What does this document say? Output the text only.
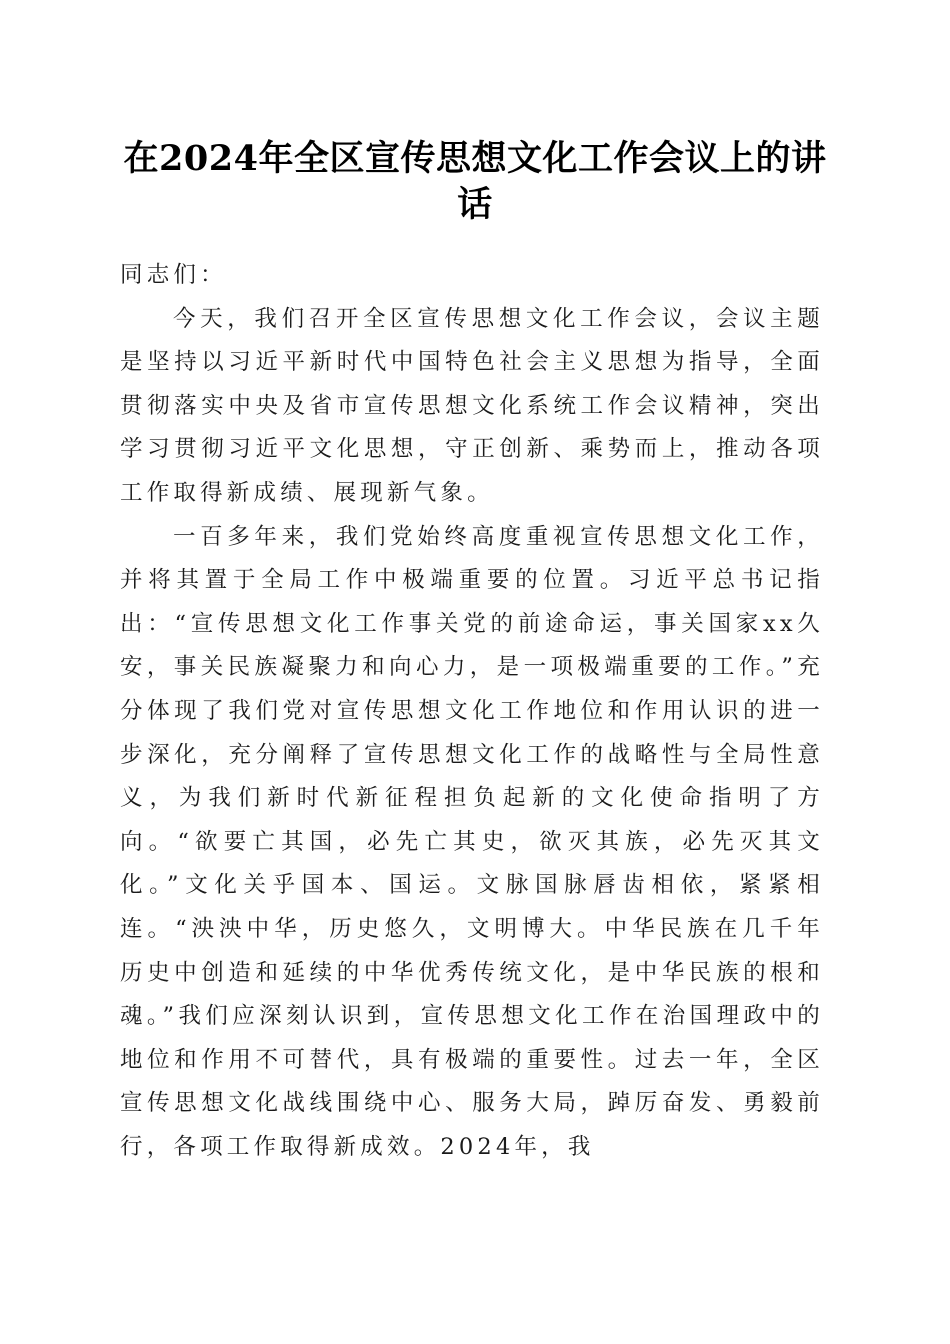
在2024年全区宣传思想文化工作会议上的讲话

同志们：

今天，我们召开全区宣传思想文化工作会议，会议主题是坚持以习近平新时代中国特色社会主义思想为指导，全面贯彻落实中央及省市宣传思想文化系统工作会议精神，突出学习贯彻习近平文化思想，守正创新、乘势而上，推动各项工作取得新成绩、展现新气象。

一百多年来，我们党始终高度重视宣传思想文化工作，并将其置于全局工作中极端重要的位置。习近平总书记指出：“宣传思想文化工作事关党的前途命运，事关国家xx久安，事关民族凝聚力和向心力，是一项极端重要的工作。”充分体现了我们党对宣传思想文化工作地位和作用认识的进一步深化，充分阐释了宣传思想文化工作的战略性与全局性意义，为我们新时代新征程担负起新的文化使命指明了方向。“欲要亡其国，必先亡其史，欲灭其族，必先灭其文化。”文化关乎国本、国运。文脉国脉唇齿相依，紧紧相连。“泱泱中华，历史悠久，文明博大。中华民族在几千年历史中创造和延续的中华优秀传统文化，是中华民族的根和魂。”我们应深刻认识到，宣传思想文化工作在治国理政中的地位和作用不可替代，具有极端的重要性。过去一年，全区宣传思想文化战线围绕中心、服务大局，踔厉奋发、勇毅前行，各项工作取得新成效。2024年，我
